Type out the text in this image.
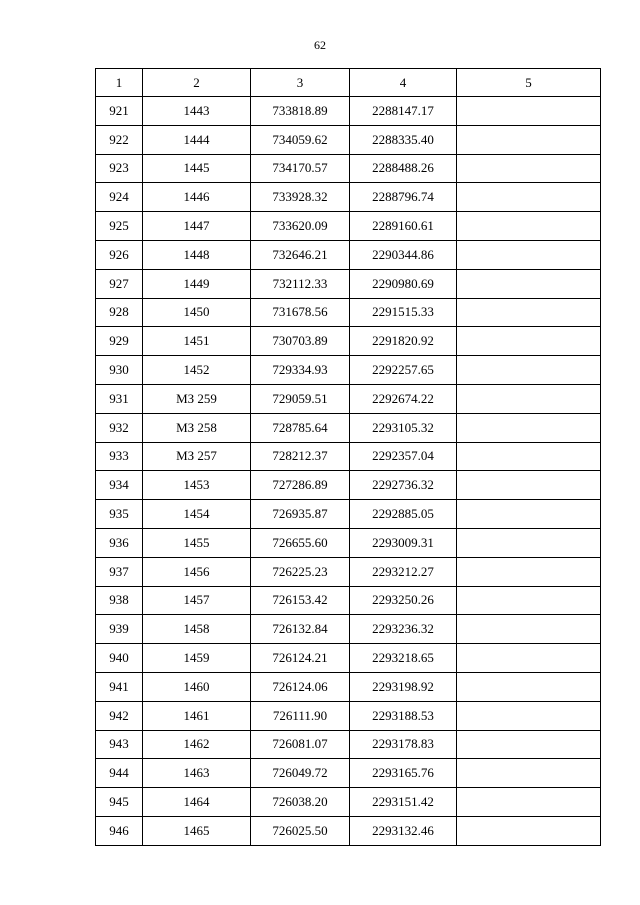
62
1	2	3	4	5
921	1443	733818.89	2288147.17	
922	1444	734059.62	2288335.40	
923	1445	734170.57	2288488.26	
924	1446	733928.32	2288796.74	
925	1447	733620.09	2289160.61	
926	1448	732646.21	2290344.86	
927	1449	732112.33	2290980.69	
928	1450	731678.56	2291515.33	
929	1451	730703.89	2291820.92	
930	1452	729334.93	2292257.65	
931	МЗ 259	729059.51	2292674.22	
932	МЗ 258	728785.64	2293105.32	
933	МЗ 257	728212.37	2292357.04	
934	1453	727286.89	2292736.32	
935	1454	726935.87	2292885.05	
936	1455	726655.60	2293009.31	
937	1456	726225.23	2293212.27	
938	1457	726153.42	2293250.26	
939	1458	726132.84	2293236.32	
940	1459	726124.21	2293218.65	
941	1460	726124.06	2293198.92	
942	1461	726111.90	2293188.53	
943	1462	726081.07	2293178.83	
944	1463	726049.72	2293165.76	
945	1464	726038.20	2293151.42	
946	1465	726025.50	2293132.46	
